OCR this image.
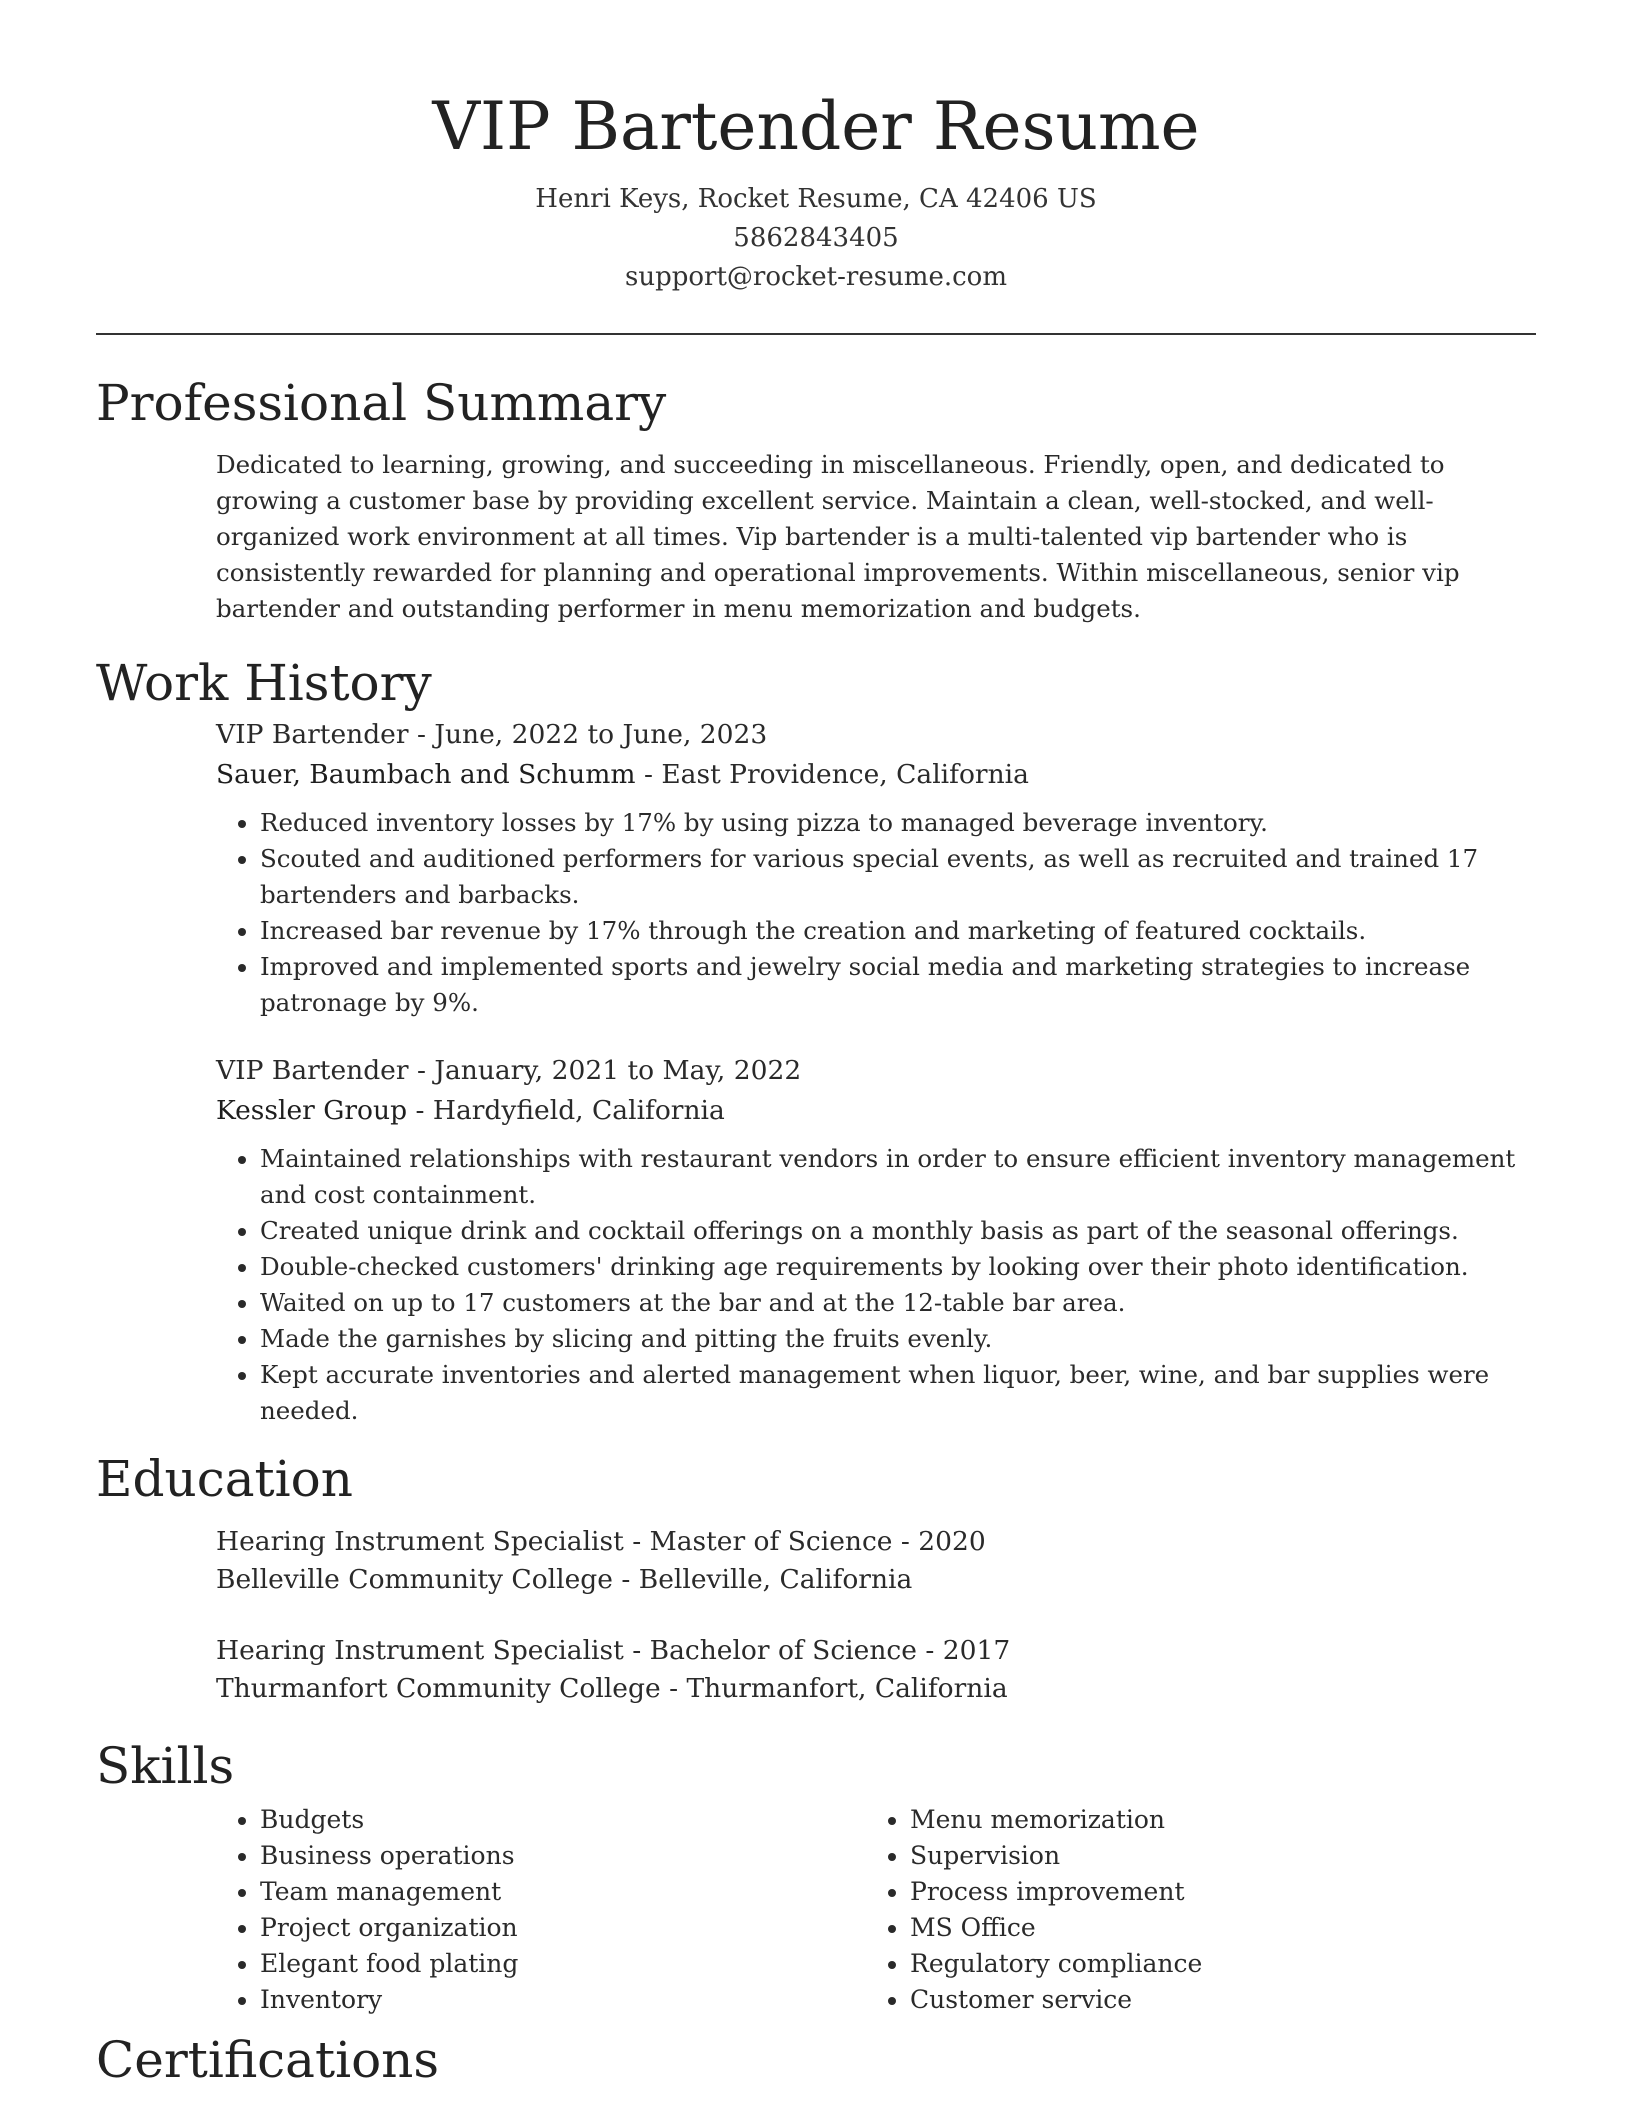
VIP Bartender Resume
Henri Keys, Rocket Resume, CA 42406 US
5862843405
support@rocket-resume.com
Professional Summary
Dedicated to learning, growing, and succeeding in miscellaneous. Friendly, open, and dedicated to growing a customer base by providing excellent service. Maintain a clean, well-stocked, and well-organized work environment at all times. Vip bartender is a multi-talented vip bartender who is consistently rewarded for planning and operational improvements. Within miscellaneous, senior vip bartender and outstanding performer in menu memorization and budgets.
Work History
VIP Bartender - June, 2022 to June, 2023
Sauer, Baumbach and Schumm - East Providence, California
• Reduced inventory losses by 17% by using pizza to managed beverage inventory.
• Scouted and auditioned performers for various special events, as well as recruited and trained 17 bartenders and barbacks.
• Increased bar revenue by 17% through the creation and marketing of featured cocktails.
• Improved and implemented sports and jewelry social media and marketing strategies to increase patronage by 9%.
VIP Bartender - January, 2021 to May, 2022
Kessler Group - Hardyfield, California
• Maintained relationships with restaurant vendors in order to ensure efficient inventory management and cost containment.
• Created unique drink and cocktail offerings on a monthly basis as part of the seasonal offerings.
• Double-checked customers' drinking age requirements by looking over their photo identification.
• Waited on up to 17 customers at the bar and at the 12-table bar area.
• Made the garnishes by slicing and pitting the fruits evenly.
• Kept accurate inventories and alerted management when liquor, beer, wine, and bar supplies were needed.
Education
Hearing Instrument Specialist - Master of Science - 2020
Belleville Community College - Belleville, California
Hearing Instrument Specialist - Bachelor of Science - 2017
Thurmanfort Community College - Thurmanfort, California
Skills
• Budgets
• Business operations
• Team management
• Project organization
• Elegant food plating
• Inventory
• Menu memorization
• Supervision
• Process improvement
• MS Office
• Regulatory compliance
• Customer service
Certifications
